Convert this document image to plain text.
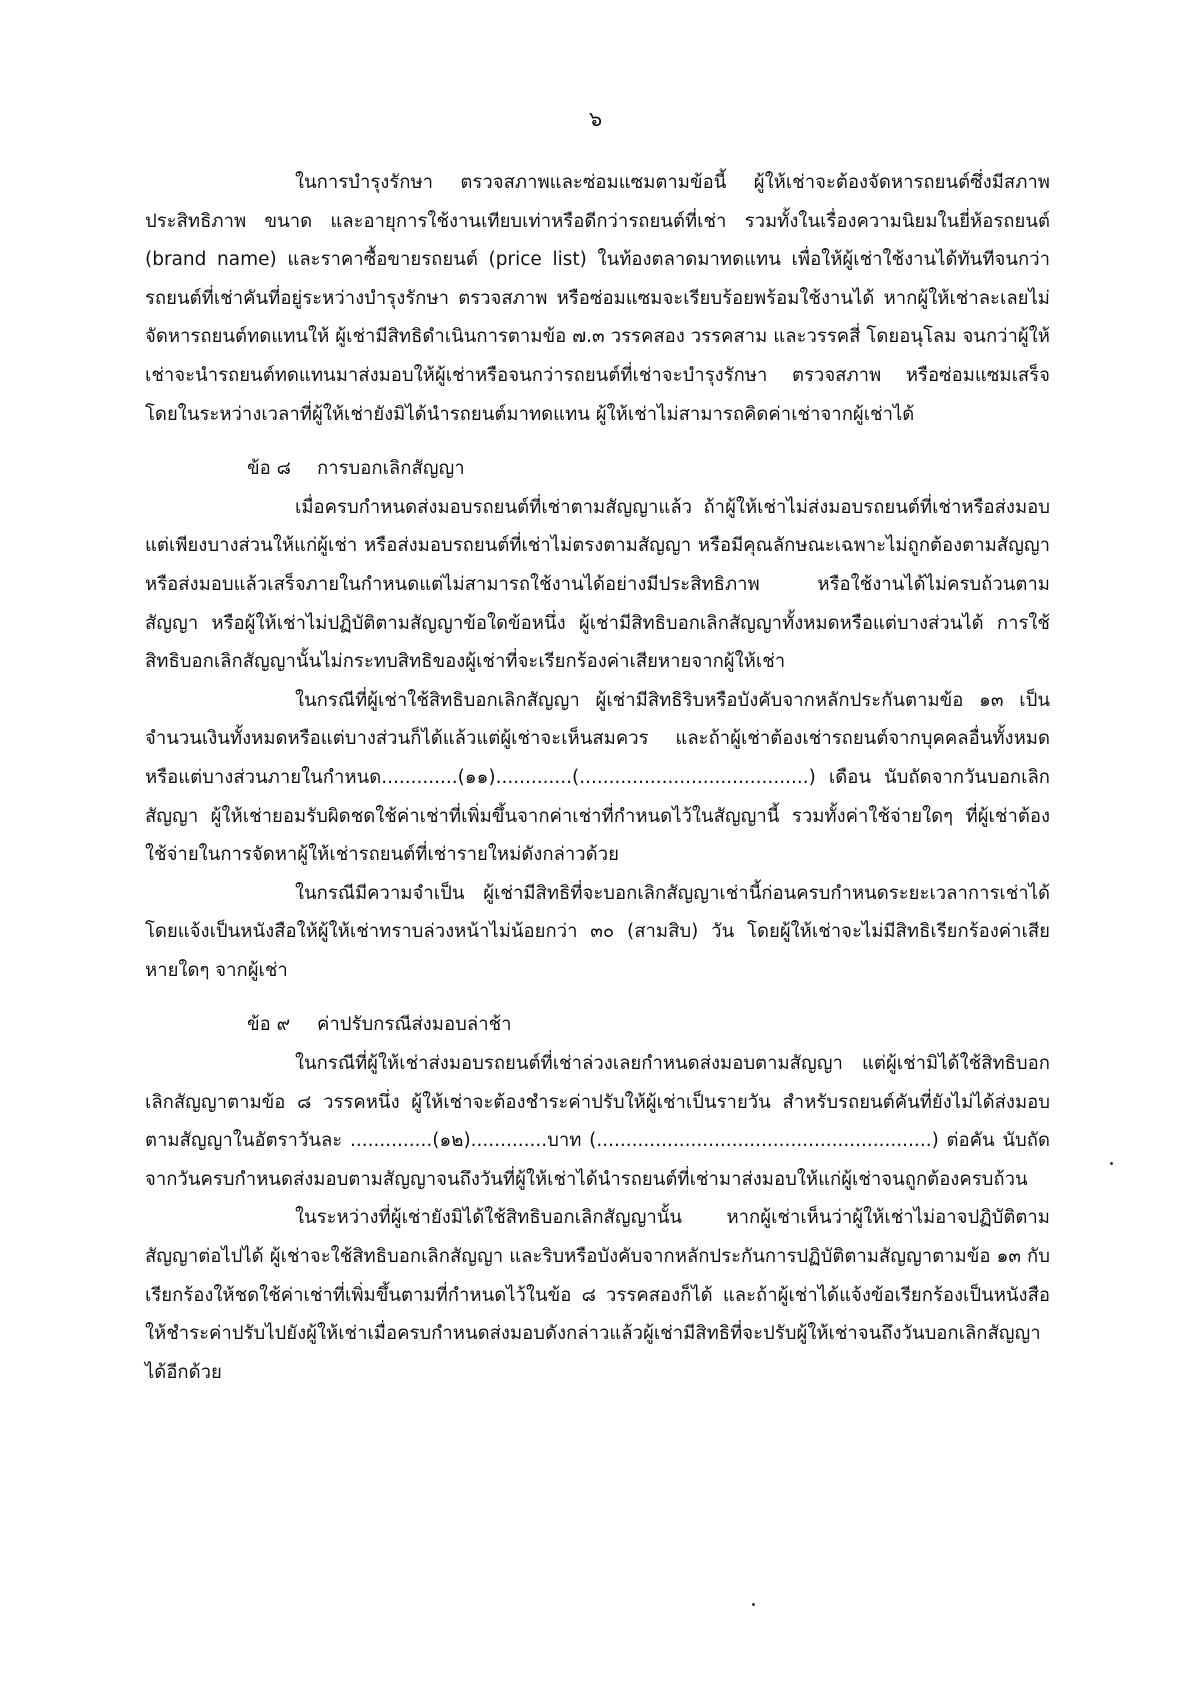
๖

ในการบำรุงรักษา ตรวจสภาพและซ่อมแซมตามข้อนี้ ผู้ให้เช่าจะต้องจัดหารถยนต์ซึ่งมีสภาพ ประสิทธิภาพ ขนาด และอายุการใช้งานเทียบเท่าหรือดีกว่ารถยนต์ที่เช่า รวมทั้งในเรื่องความนิยมในยี่ห้อรถยนต์ (brand name) และราคาซื้อขายรถยนต์ (price list) ในท้องตลาดมาทดแทน เพื่อให้ผู้เช่าใช้งานได้ทันทีจนกว่ารถยนต์ที่เช่าคันที่อยู่ระหว่างบำรุงรักษา ตรวจสภาพ หรือซ่อมแซมจะเรียบร้อยพร้อมใช้งานได้ หากผู้ให้เช่าละเลยไม่จัดหารถยนต์ทดแทนให้ ผู้เช่ามีสิทธิดำเนินการตามข้อ ๗.๓ วรรคสอง วรรคสาม และวรรคสี่ โดยอนุโลม จนกว่าผู้ให้เช่าจะนำรถยนต์ทดแทนมาส่งมอบให้ผู้เช่าหรือจนกว่ารถยนต์ที่เช่าจะบำรุงรักษา ตรวจสภาพ หรือซ่อมแซมเสร็จ โดยในระหว่างเวลาที่ผู้ให้เช่ายังมิได้นำรถยนต์มาทดแทน ผู้ให้เช่าไม่สามารถคิดค่าเช่าจากผู้เช่าได้

ข้อ ๘ การบอกเลิกสัญญา

เมื่อครบกำหนดส่งมอบรถยนต์ที่เช่าตามสัญญาแล้ว ถ้าผู้ให้เช่าไม่ส่งมอบรถยนต์ที่เช่าหรือส่งมอบแต่เพียงบางส่วนให้แก่ผู้เช่า หรือส่งมอบรถยนต์ที่เช่าไม่ตรงตามสัญญา หรือมีคุณลักษณะเฉพาะไม่ถูกต้องตามสัญญา หรือส่งมอบแล้วเสร็จภายในกำหนดแต่ไม่สามารถใช้งานได้อย่างมีประสิทธิภาพ หรือใช้งานได้ไม่ครบถ้วนตามสัญญา หรือผู้ให้เช่าไม่ปฏิบัติตามสัญญาข้อใดข้อหนึ่ง ผู้เช่ามีสิทธิบอกเลิกสัญญาทั้งหมดหรือแต่บางส่วนได้ การใช้สิทธิบอกเลิกสัญญานั้นไม่กระทบสิทธิของผู้เช่าที่จะเรียกร้องค่าเสียหายจากผู้ให้เช่า

ในกรณีที่ผู้เช่าใช้สิทธิบอกเลิกสัญญา ผู้เช่ามีสิทธิริบหรือบังคับจากหลักประกันตามข้อ ๑๓ เป็นจำนวนเงินทั้งหมดหรือแต่บางส่วนก็ได้แล้วแต่ผู้เช่าจะเห็นสมควร และถ้าผู้เช่าต้องเช่ารถยนต์จากบุคคลอื่นทั้งหมดหรือแต่บางส่วนภายในกำหนด.............(๑๑).............(.......................................) เดือน นับถัดจากวันบอกเลิกสัญญา ผู้ให้เช่ายอมรับผิดชดใช้ค่าเช่าที่เพิ่มขึ้นจากค่าเช่าที่กำหนดไว้ในสัญญานี้ รวมทั้งค่าใช้จ่ายใดๆ ที่ผู้เช่าต้องใช้จ่ายในการจัดหาผู้ให้เช่ารถยนต์ที่เช่ารายใหม่ดังกล่าวด้วย

ในกรณีมีความจำเป็น ผู้เช่ามีสิทธิที่จะบอกเลิกสัญญาเช่านี้ก่อนครบกำหนดระยะเวลาการเช่าได้ โดยแจ้งเป็นหนังสือให้ผู้ให้เช่าทราบล่วงหน้าไม่น้อยกว่า ๓๐ (สามสิบ) วัน โดยผู้ให้เช่าจะไม่มีสิทธิเรียกร้องค่าเสียหายใดๆ จากผู้เช่า

ข้อ ๙ ค่าปรับกรณีส่งมอบล่าช้า

ในกรณีที่ผู้ให้เช่าส่งมอบรถยนต์ที่เช่าล่วงเลยกำหนดส่งมอบตามสัญญา แต่ผู้เช่ามิได้ใช้สิทธิบอกเลิกสัญญาตามข้อ ๘ วรรคหนึ่ง ผู้ให้เช่าจะต้องชำระค่าปรับให้ผู้เช่าเป็นรายวัน สำหรับรถยนต์คันที่ยังไม่ได้ส่งมอบตามสัญญาในอัตราวันละ ..............(๑๒).............บาท (.........................................................) ต่อคัน นับถัดจากวันครบกำหนดส่งมอบตามสัญญาจนถึงวันที่ผู้ให้เช่าได้นำรถยนต์ที่เช่ามาส่งมอบให้แก่ผู้เช่าจนถูกต้องครบถ้วน

ในระหว่างที่ผู้เช่ายังมิได้ใช้สิทธิบอกเลิกสัญญานั้น หากผู้เช่าเห็นว่าผู้ให้เช่าไม่อาจปฏิบัติตามสัญญาต่อไปได้ ผู้เช่าจะใช้สิทธิบอกเลิกสัญญา และริบหรือบังคับจากหลักประกันการปฏิบัติตามสัญญาตามข้อ ๑๓ กับเรียกร้องให้ชดใช้ค่าเช่าที่เพิ่มขึ้นตามที่กำหนดไว้ในข้อ ๘ วรรคสองก็ได้ และถ้าผู้เช่าได้แจ้งข้อเรียกร้องเป็นหนังสือให้ชำระค่าปรับไปยังผู้ให้เช่าเมื่อครบกำหนดส่งมอบดังกล่าวแล้วผู้เช่ามีสิทธิที่จะปรับผู้ให้เช่าจนถึงวันบอกเลิกสัญญาได้อีกด้วย
